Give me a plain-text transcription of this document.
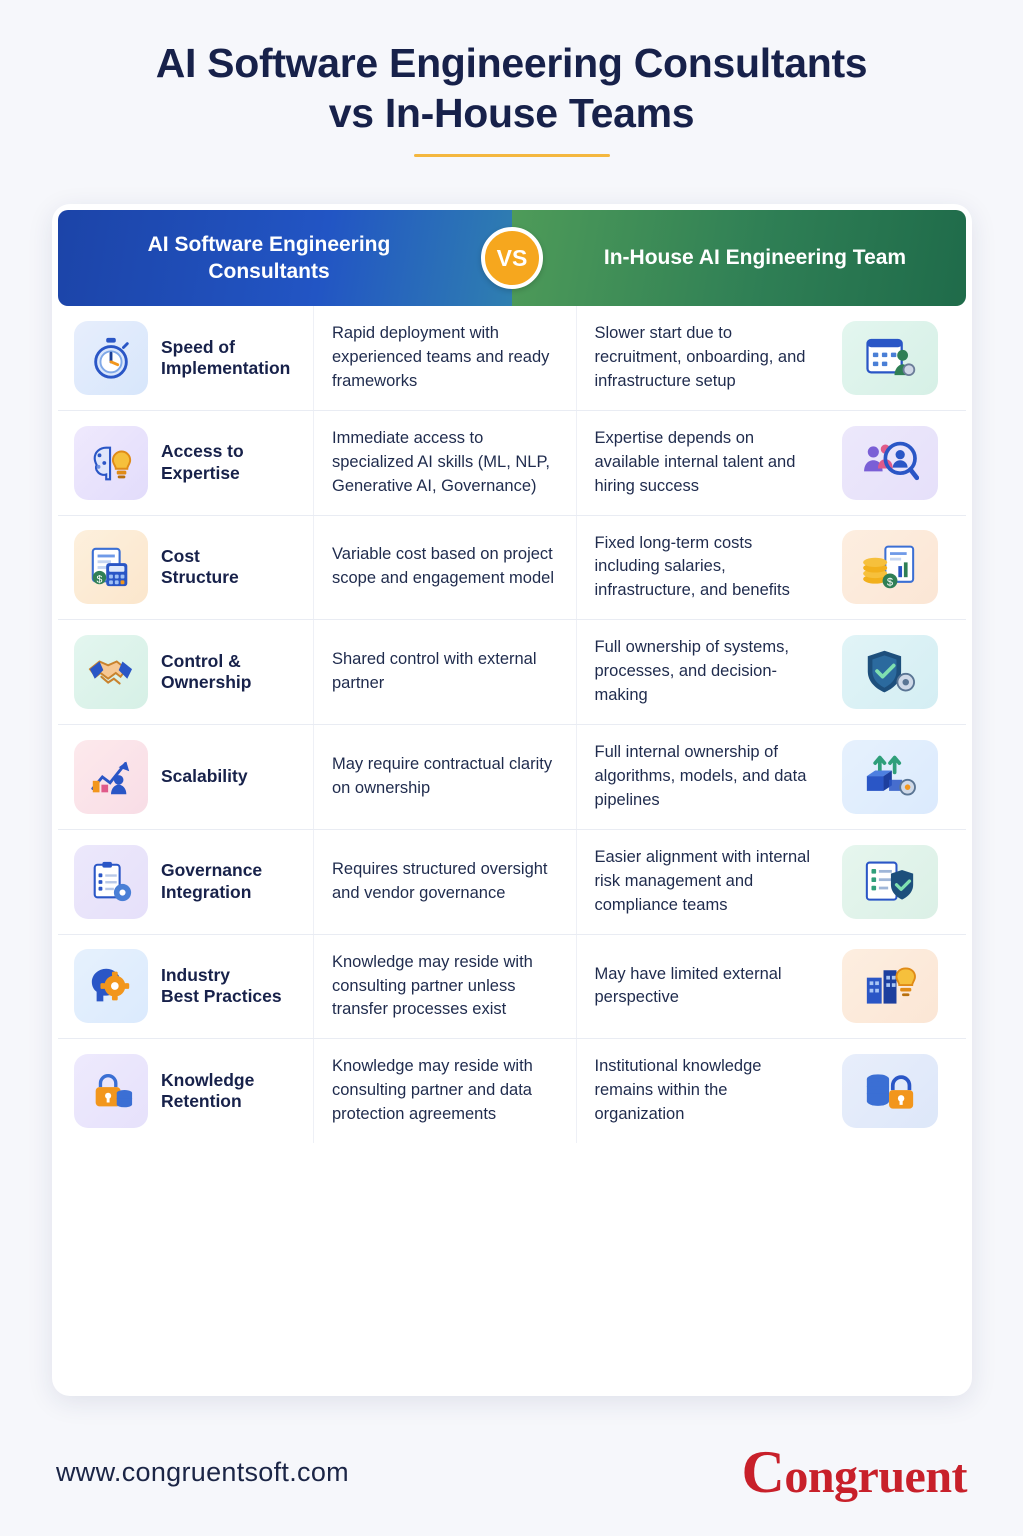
AI Software Engineering Consultants
vs In-House Teams
AI Software Engineering Consultants
In-House AI Engineering Team
VS
Speed of
Implementation
Rapid deployment with experienced teams and ready frameworks
Slower start due to recruitment, onboarding, and infrastructure setup
Access to
Expertise
Immediate access to specialized AI skills (ML, NLP, Generative AI, Governance)
Expertise depends on available internal talent and hiring success
$
Cost
Structure
Variable cost based on project scope and engagement model
Fixed long-term costs including salaries, infrastructure, and benefits	$
Control &
Ownership
Shared control with external partner
Full ownership of systems, processes, and decision-making
Scalability
May require contractual clarity on ownership
Full internal ownership of algorithms, models, and data pipelines
Governance
Integration
Requires structured oversight and vendor governance
Easier alignment with internal risk management and compliance teams
Industry
Best Practices
Knowledge may reside with consulting partner unless transfer processes exist
May have limited external perspective
Knowledge
Retention
Knowledge may reside with consulting partner and data protection agreements
Institutional knowledge remains within the organization
www.congruentsoft.com	Congruent
